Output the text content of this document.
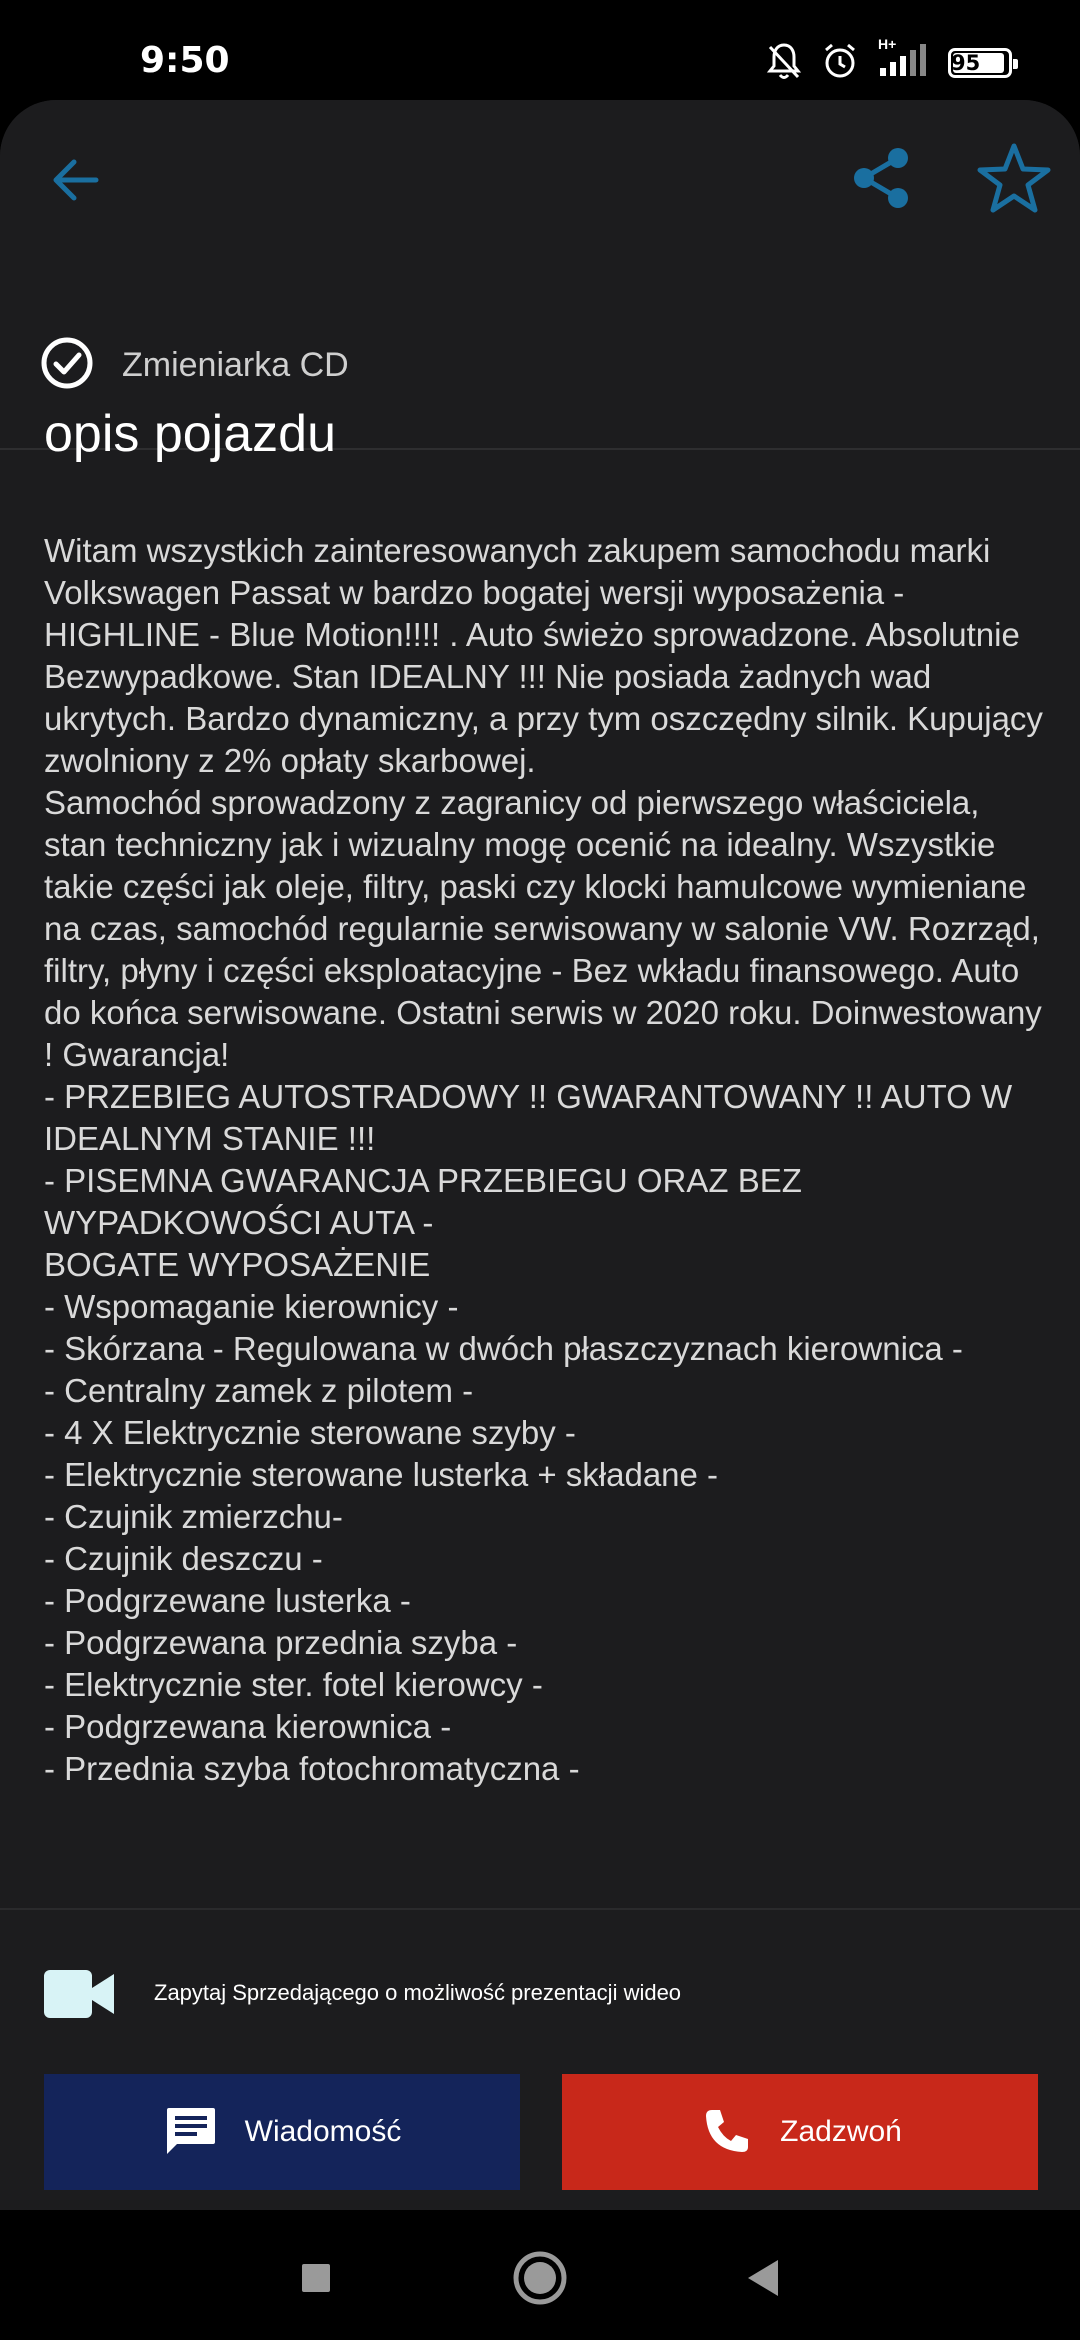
9:50	H+
95
Zmieniarka CD
opis pojazdu
Witam wszystkich zainteresowanych zakupem samochodu marki Volkswagen Passat w bardzo bogatej wersji wyposażenia - HIGHLINE - Blue Motion!!!! . Auto świeżo sprowadzone. Absolutnie Bezwypadkowe. Stan IDEALNY !!! Nie posiada żadnych wad ukrytych. Bardzo dynamiczny, a przy tym oszczędny silnik. Kupujący zwolniony z 2% opłaty skarbowej.
Samochód sprowadzony z zagranicy od pierwszego właściciela, stan techniczny jak i wizualny mogę ocenić na idealny. Wszystkie takie części jak oleje, filtry, paski czy klocki hamulcowe wymieniane na czas, samochód regularnie serwisowany w salonie VW. Rozrząd, filtry, płyny i części eksploatacyjne - Bez wkładu finansowego. Auto do końca serwisowane. Ostatni serwis w 2020 roku. Doinwestowany ! Gwarancja!
- PRZEBIEG AUTOSTRADOWY !! GWARANTOWANY !! AUTO W IDEALNYM STANIE !!!
- PISEMNA GWARANCJA PRZEBIEGU ORAZ BEZ WYPADKOWOŚCI AUTA -
BOGATE WYPOSAŻENIE
- Wspomaganie kierownicy -
- Skórzana - Regulowana w dwóch płaszczyznach kierownica -
- Centralny zamek z pilotem -
- 4 X Elektrycznie sterowane szyby -
- Elektrycznie sterowane lusterka + składane -
- Czujnik zmierzchu-
- Czujnik deszczu -
- Podgrzewane lusterka -
- Podgrzewana przednia szyba -
- Elektrycznie ster. fotel kierowcy -
- Podgrzewana kierownica -
- Przednia szyba fotochromatyczna -
Zapytaj Sprzedającego o możliwość prezentacji wideo
Wiadomość	Zadzwoń
